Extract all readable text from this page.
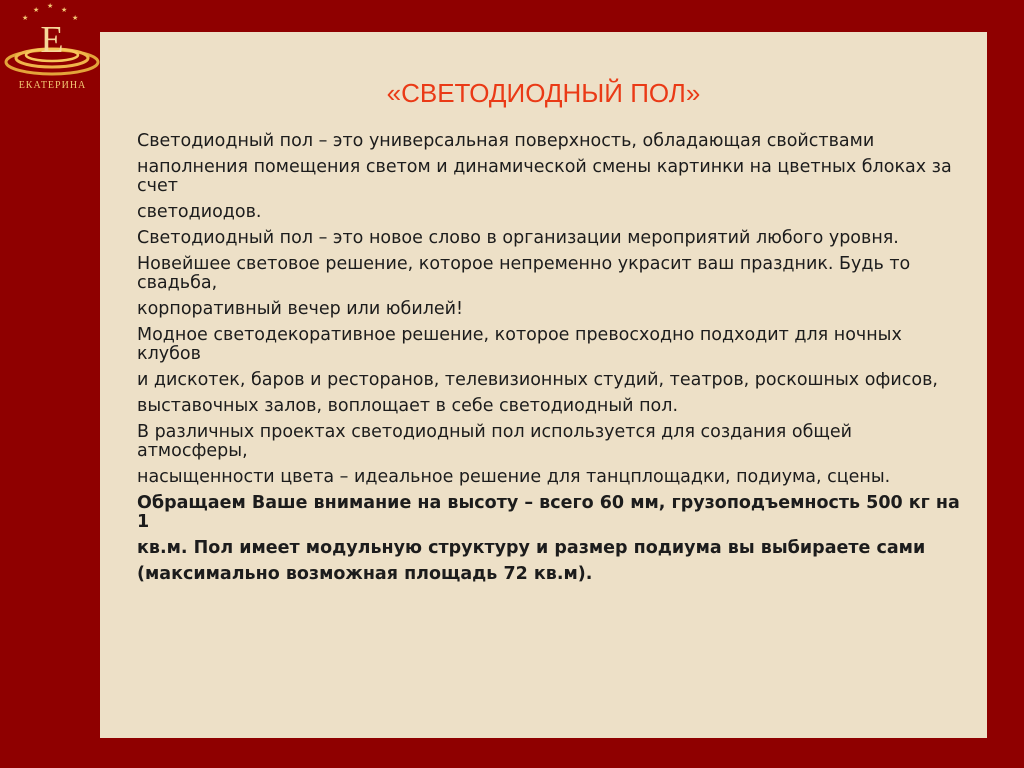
★
★ ★ ★
★
E
ЕКАТЕРИНА	«СВЕТОДИОДНЫЙ ПОЛ»

Светодиодный пол – это универсальная поверхность, обладающая свойствами

наполнения помещения светом и динамической смены картинки на цветных блоках за счет

светодиодов.

Светодиодный пол – это новое слово в организации мероприятий любого уровня.

Новейшее световое решение, которое непременно украсит ваш праздник. Будь то свадьба,

корпоративный вечер или юбилей!

Модное светодекоративное решение, которое превосходно подходит для ночных клубов

и дискотек, баров и ресторанов, телевизионных студий, театров, роскошных офисов,

выставочных залов, воплощает в себе светодиодный пол.

В различных проектах светодиодный пол используется для создания общей атмосферы,

насыщенности цвета – идеальное решение для танцплощадки, подиума, сцены.

Обращаем Ваше внимание на высоту – всего 60 мм, грузоподъемность 500 кг на 1

кв.м. Пол имеет модульную структуру и размер подиума вы выбираете сами

(максимально возможная площадь 72 кв.м).
